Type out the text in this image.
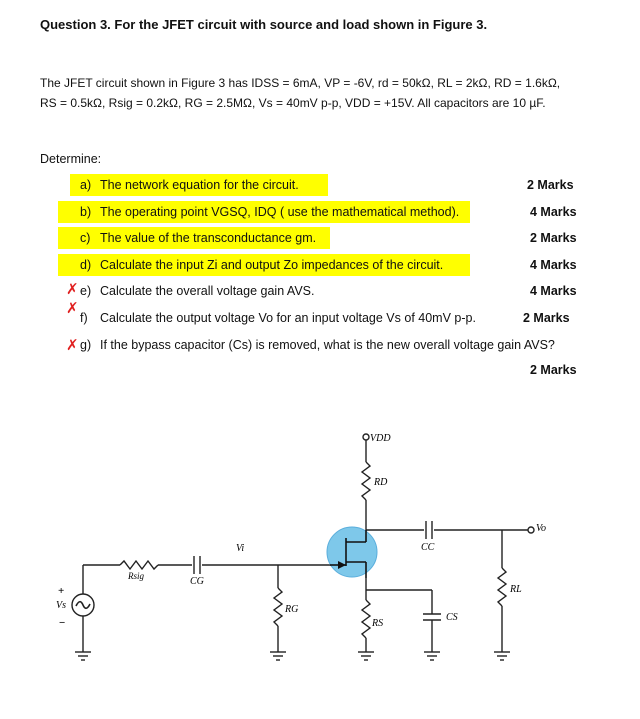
Question 3. For the JFET circuit with source and load shown in Figure 3.
The JFET circuit shown in Figure 3 has IDSS = 6mA, VP = -6V, rd = 50kΩ, RL = 2kΩ, RD = 1.6kΩ,
RS = 0.5kΩ, Rsig = 0.2kΩ, RG = 2.5MΩ, Vs = 40mV p-p, VDD = +15V. All capacitors are 10 µF.
Determine:
a) The network equation for the circuit.	2 Marks
b) The operating point VGSQ, IDQ ( use the mathematical method).	4 Marks
c) The value of the transconductance gm.	2 Marks
d) Calculate the input Zi and output Zo impedances of the circuit.	4 Marks
✗ e) Calculate the overall voltage gain AVS.	4 Marks
✗
f) Calculate the output voltage Vo for an input voltage Vs of 40mV p-p.	2 Marks
✗ g) If the bypass capacitor (Cs) is removed, what is the new overall voltage gain AVS?
2 Marks
VDD
RD
CC
Vo
Vi
Rsig	CG
RG
RS
CS
RL
Vs
+
−
